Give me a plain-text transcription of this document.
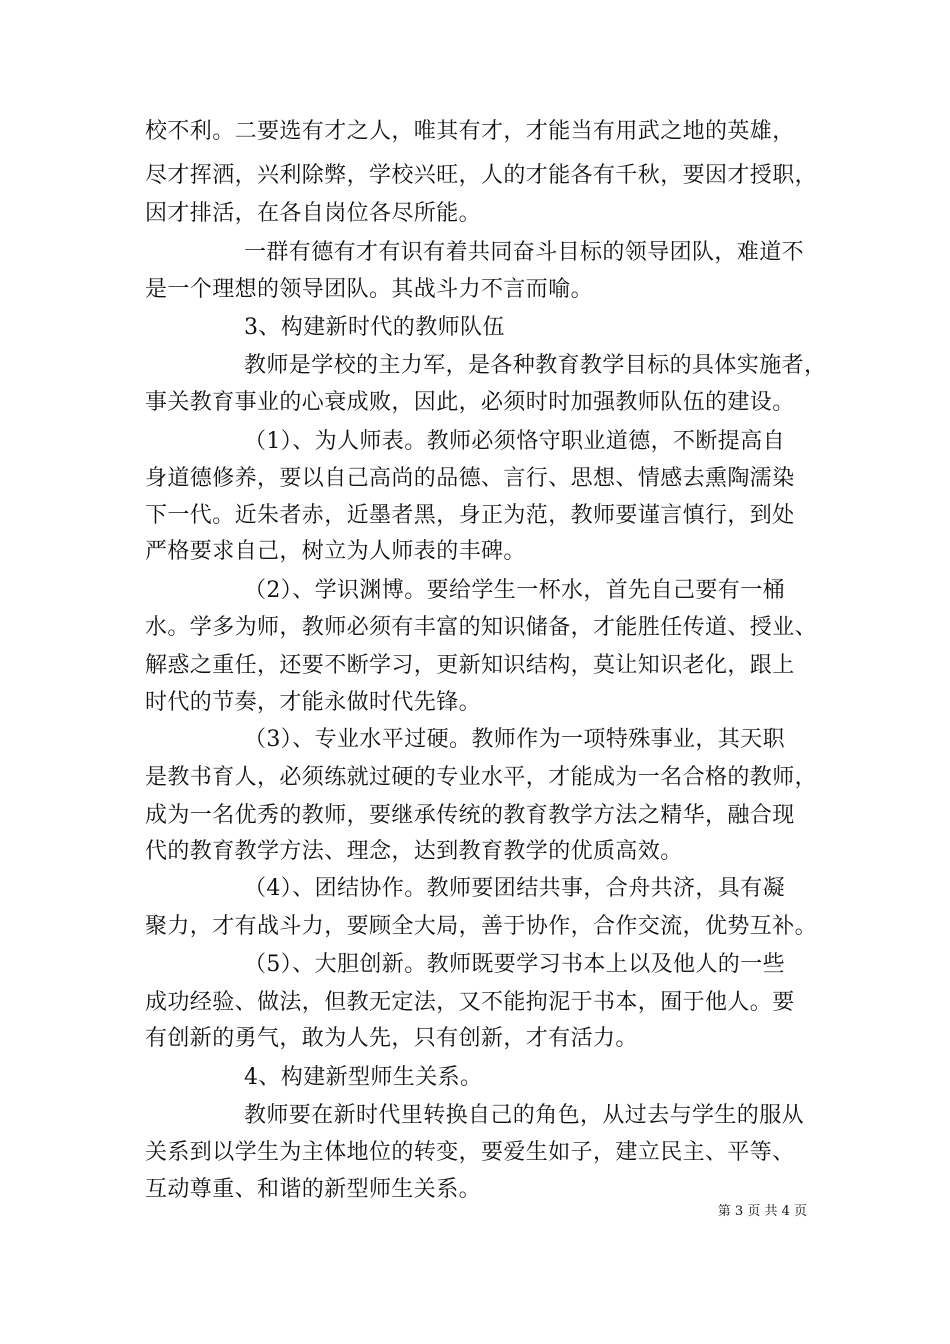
校不利。二要选有才之人，唯其有才，才能当有用武之地的英雄，
尽才挥洒，兴利除弊，学校兴旺，人的才能各有千秋，要因才授职，
因才排活，在各自岗位各尽所能。
一群有德有才有识有着共同奋斗目标的领导团队，难道不
是一个理想的领导团队。其战斗力不言而喻。
3、构建新时代的教师队伍
教师是学校的主力军，是各种教育教学目标的具体实施者，
事关教育事业的心衰成败，因此，必须时时加强教师队伍的建设。
（1）、为人师表。教师必须恪守职业道德，不断提高自
身道德修养，要以自己高尚的品德、言行、思想、情感去熏陶濡染
下一代。近朱者赤，近墨者黑，身正为范，教师要谨言慎行，到处
严格要求自己，树立为人师表的丰碑。
（2）、学识渊博。要给学生一杯水，首先自己要有一桶
水。学多为师，教师必须有丰富的知识储备，才能胜任传道、授业、
解惑之重任，还要不断学习，更新知识结构，莫让知识老化，跟上
时代的节奏，才能永做时代先锋。
（3）、专业水平过硬。教师作为一项特殊事业，其天职
是教书育人，必须练就过硬的专业水平，才能成为一名合格的教师，
成为一名优秀的教师，要继承传统的教育教学方法之精华，融合现
代的教育教学方法、理念，达到教育教学的优质高效。
（4）、团结协作。教师要团结共事，合舟共济，具有凝
聚力，才有战斗力，要顾全大局，善于协作，合作交流，优势互补。
（5）、大胆创新。教师既要学习书本上以及他人的一些
成功经验、做法，但教无定法，又不能拘泥于书本，囿于他人。要
有创新的勇气，敢为人先，只有创新，才有活力。
4、构建新型师生关系。
教师要在新时代里转换自己的角色，从过去与学生的服从
关系到以学生为主体地位的转变，要爱生如子，建立民主、平等、
互动尊重、和谐的新型师生关系。
第 3 页 共 4 页
